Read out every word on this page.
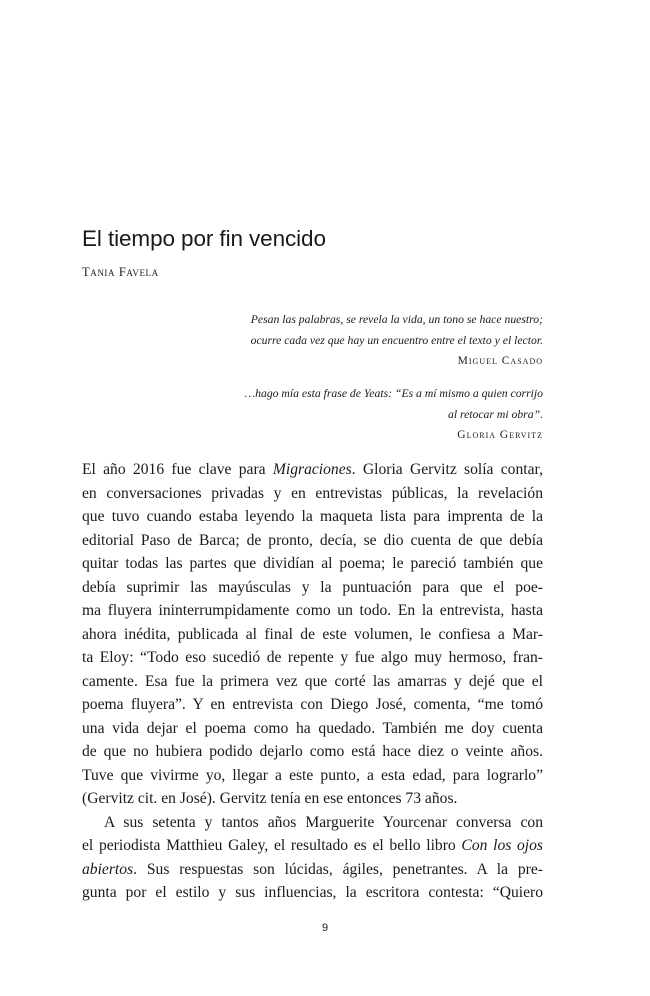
El tiempo por fin vencido
Tania Favela
Pesan las palabras, se revela la vida, un tono se hace nuestro;
ocurre cada vez que hay un encuentro entre el texto y el lector.
Miguel Casado
…hago mía esta frase de Yeats: “Es a mí mismo a quien corrijo
al retocar mi obra”.
Gloria Gervitz
El año 2016 fue clave para Migraciones. Gloria Gervitz solía contar,
en conversaciones privadas y en entrevistas públicas, la revelación
que tuvo cuando estaba leyendo la maqueta lista para imprenta de la
editorial Paso de Barca; de pronto, decía, se dio cuenta de que debía
quitar todas las partes que dividían al poema; le pareció también que
debía suprimir las mayúsculas y la puntuación para que el poe-
ma fluyera ininterrumpidamente como un todo. En la entrevista, hasta
ahora inédita, publicada al final de este volumen, le confiesa a Mar-
ta Eloy: “Todo eso sucedió de repente y fue algo muy hermoso, fran-
camente. Esa fue la primera vez que corté las amarras y dejé que el
poema fluyera”. Y en entrevista con Diego José, comenta, “me tomó
una vida dejar el poema como ha quedado. También me doy cuenta
de que no hubiera podido dejarlo como está hace diez o veinte años.
Tuve que vivirme yo, llegar a este punto, a esta edad, para lograrlo”
(Gervitz cit. en José). Gervitz tenía en ese entonces 73 años.
A sus setenta y tantos años Marguerite Yourcenar conversa con
el periodista Matthieu Galey, el resultado es el bello libro Con los ojos
abiertos. Sus respuestas son lúcidas, ágiles, penetrantes. A la pre-
gunta por el estilo y sus influencias, la escritora contesta: “Quiero
9
